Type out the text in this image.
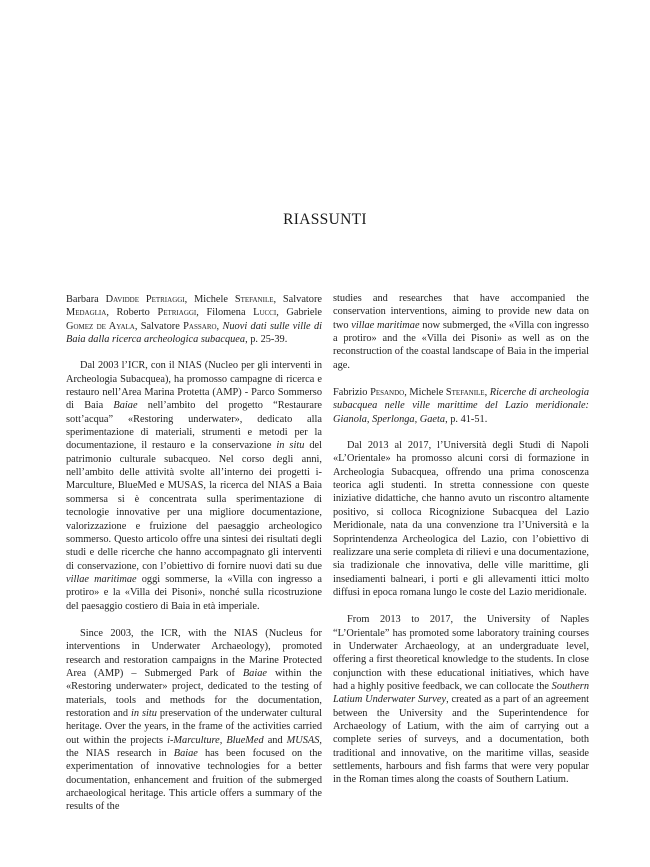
RIASSUNTI

Barbara Davidde Petriaggi, Michele Stefanile, Salvatore Medaglia, Roberto Petriaggi, Filomena Lucci, Gabriele Gomez de Ayala, Salvatore Passaro, Nuovi dati sulle ville di Baia dalla ricerca archeologica subacquea, p. 25-39.

Dal 2003 l’ICR, con il NIAS (Nucleo per gli interventi in Archeologia Subacquea), ha promosso campagne di ricerca e restauro nell’Area Marina Protetta (AMP) - Parco Sommerso di Baia Baiae nell’ambito del progetto “Restaurare sott’acqua” «Restoring underwater», dedicato alla sperimentazione di materiali, strumenti e metodi per la documentazione, il restauro e la conservazione in situ del patrimonio culturale subacqueo. Nel corso degli anni, nell’ambito delle attività svolte all’interno dei progetti i-Marculture, BlueMed e MUSAS, la ricerca del NIAS a Baia sommersa si è concentrata sulla sperimentazione di tecnologie innovative per una migliore documentazione, valorizzazione e fruizione del paesaggio archeologico sommerso. Questo articolo offre una sintesi dei risultati degli studi e delle ricerche che hanno accompagnato gli interventi di conservazione, con l’obiettivo di fornire nuovi dati su due villae maritimae oggi sommerse, la «Villa con ingresso a protiro» e la «Villa dei Pisoni», nonché sulla ricostruzione del paesaggio costiero di Baia in età imperiale.

Since 2003, the ICR, with the NIAS (Nucleus for interventions in Underwater Archaeology), promoted research and restoration campaigns in the Marine Protected Area (AMP) – Submerged Park of Baiae within the «Restoring underwater» project, dedicated to the testing of materials, tools and methods for the documentation, restoration and in situ preservation of the underwater cultural heritage. Over the years, in the frame of the activities carried out within the projects i-Marculture, BlueMed and MUSAS, the NIAS research in Baiae has been focused on the experimentation of innovative technologies for a better documentation, enhancement and fruition of the submerged archaeological heritage. This article offers a summary of the results of the

studies and researches that have accompanied the conservation interventions, aiming to provide new data on two villae maritimae now submerged, the «Villa con ingresso a protiro» and the «Villa dei Pisoni» as well as on the reconstruction of the coastal landscape of Baia in the imperial age.

Fabrizio Pesando, Michele Stefanile, Ricerche di archeologia subacquea nelle ville marittime del Lazio meridionale: Gianola, Sperlonga, Gaeta, p. 41-51.

Dal 2013 al 2017, l’Università degli Studi di Napoli «L’Orientale» ha promosso alcuni corsi di formazione in Archeologia Subacquea, offrendo una prima conoscenza teorica agli studenti. In stretta connessione con queste iniziative didattiche, che hanno avuto un riscontro altamente positivo, si colloca Ricognizione Subacquea del Lazio Meridionale, nata da una convenzione tra l’Università e la Soprintendenza Archeologica del Lazio, con l’obiettivo di realizzare una serie completa di rilievi e una documentazione, sia tradizionale che innovativa, delle ville marittime, gli insediamenti balneari, i porti e gli allevamenti ittici molto diffusi in epoca romana lungo le coste del Lazio meridionale.

From 2013 to 2017, the University of Naples “L’Orientale” has promoted some laboratory training courses in Underwater Archaeology, at an undergraduate level, offering a first theoretical knowledge to the students. In close conjunction with these educational initiatives, which have had a highly positive feedback, we can collocate the Southern Latium Underwater Survey, created as a part of an agreement between the University and the Superintendence for Archaeology of Latium, with the aim of carrying out a complete series of surveys, and a documentation, both traditional and innovative, on the maritime villas, seaside settlements, harbours and fish farms that were very popular in the Roman times along the coasts of Southern Latium.
